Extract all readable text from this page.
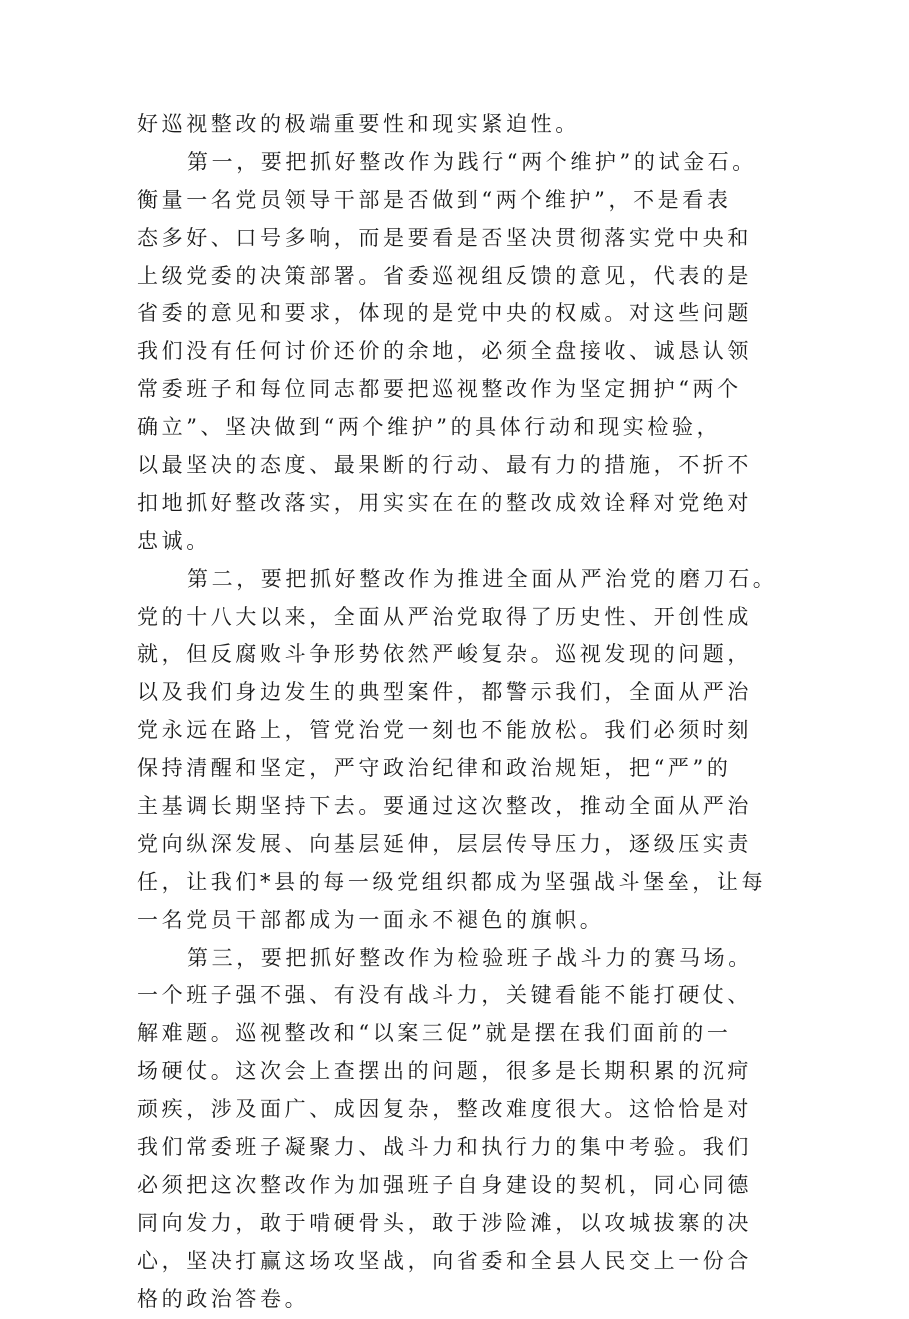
好巡视整改的极端重要性和现实紧迫性。
第一，要把抓好整改作为践行“两个维护”的试金石。
衡量一名党员领导干部是否做到“两个维护”，不是看表
态多好、口号多响，而是要看是否坚决贯彻落实党中央和
上级党委的决策部署。省委巡视组反馈的意见，代表的是
省委的意见和要求，体现的是党中央的权威。对这些问题
我们没有任何讨价还价的余地，必须全盘接收、诚恳认领
常委班子和每位同志都要把巡视整改作为坚定拥护“两个
确立”、坚决做到“两个维护”的具体行动和现实检验，
以最坚决的态度、最果断的行动、最有力的措施，不折不
扣地抓好整改落实，用实实在在的整改成效诠释对党绝对
忠诚。
第二，要把抓好整改作为推进全面从严治党的磨刀石。
党的十八大以来，全面从严治党取得了历史性、开创性成
就，但反腐败斗争形势依然严峻复杂。巡视发现的问题，
以及我们身边发生的典型案件，都警示我们，全面从严治
党永远在路上，管党治党一刻也不能放松。我们必须时刻
保持清醒和坚定，严守政治纪律和政治规矩，把“严”的
主基调长期坚持下去。要通过这次整改，推动全面从严治
党向纵深发展、向基层延伸，层层传导压力，逐级压实责
任，让我们*县的每一级党组织都成为坚强战斗堡垒，让每
一名党员干部都成为一面永不褪色的旗帜。
第三，要把抓好整改作为检验班子战斗力的赛马场。
一个班子强不强、有没有战斗力，关键看能不能打硬仗、
解难题。巡视整改和“以案三促”就是摆在我们面前的一
场硬仗。这次会上查摆出的问题，很多是长期积累的沉疴
顽疾，涉及面广、成因复杂，整改难度很大。这恰恰是对
我们常委班子凝聚力、战斗力和执行力的集中考验。我们
必须把这次整改作为加强班子自身建设的契机，同心同德
同向发力，敢于啃硬骨头，敢于涉险滩，以攻城拔寨的决
心，坚决打赢这场攻坚战，向省委和全县人民交上一份合
格的政治答卷。
